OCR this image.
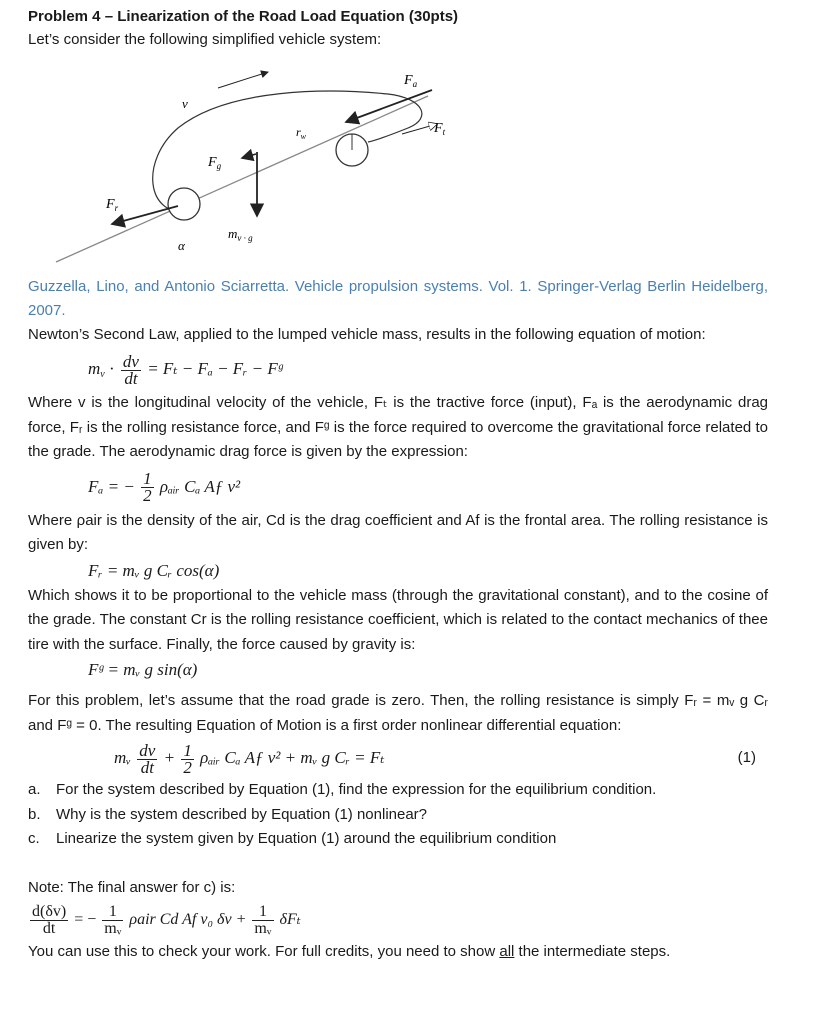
Problem 4 – Linearization of the Road Load Equation (30pts)

Let’s consider the following simplified vehicle system:

v
$F_a$
$F_t$
$r_w$
$F_g$
$F_r$
$m_{v \cdot g}$
α

Guzzella, Lino, and Antonio Sciarretta. Vehicle propulsion systems. Vol. 1. Springer-Verlag Berlin Heidelberg, 2007.

Newton’s Second Law, applied to the lumped vehicle mass, results in the following equation of motion:

$m_v \cdot \frac{dv}{dt} = F_t - F_a$ − Fᵣ − Fᵍ

Where v is the longitudinal velocity of the vehicle, Fₜ is the tractive force (input), Fₐ is the aerodynamic drag force, Fᵣ is the rolling resistance force, and Fᵍ is the force required to overcome the gravitational force related to the grade. The aerodynamic drag force is given by the expression:

Fₐ = − $\frac{1}{2}$ ρₐᵢᵣ Cₐ Aƒ v²

Where ρair is the density of the air, Cd is the drag coefficient and Af is the frontal area. The rolling resistance is given by:

Fᵣ = mᵥ g Cᵣ cos(α)

Which shows it to be proportional to the vehicle mass (through the gravitational constant), and to the cosine of the grade. The constant Cr is the rolling resistance coefficient, which is related to the contact mechanics of thee tire with the surface. Finally, the force caused by gravity is:

Fᵍ = mᵥ g sin(α)

For this problem, let’s assume that the road grade is zero. Then, the rolling resistance is simply Fᵣ = mᵥ g Cᵣ and Fᵍ = 0. The resulting Equation of Motion is a first order nonlinear differential equation:

mᵥ $\frac{dv}{dt} + \frac{1}{2}$ ρₐᵢᵣ Cₐ Aƒ v² + mᵥ g Cᵣ = Fₜ	(1)
a. For the system described by Equation (1), find the expression for the equilibrium condition.
b. Why is the system described by Equation (1) nonlinear?
c. Linearize the system given by Equation (1) around the equilibrium condition

Note: The final answer for c) is:

$\frac{d(\delta v)}{dt}$ = − $\frac{1}{\text{mᵥ}}$ ρair Cd Af v₀ $\delta v + \frac{1}{\text{mᵥ}}$ δFₜ

You can use this to check your work. For full credits, you need to show all the intermediate steps.
